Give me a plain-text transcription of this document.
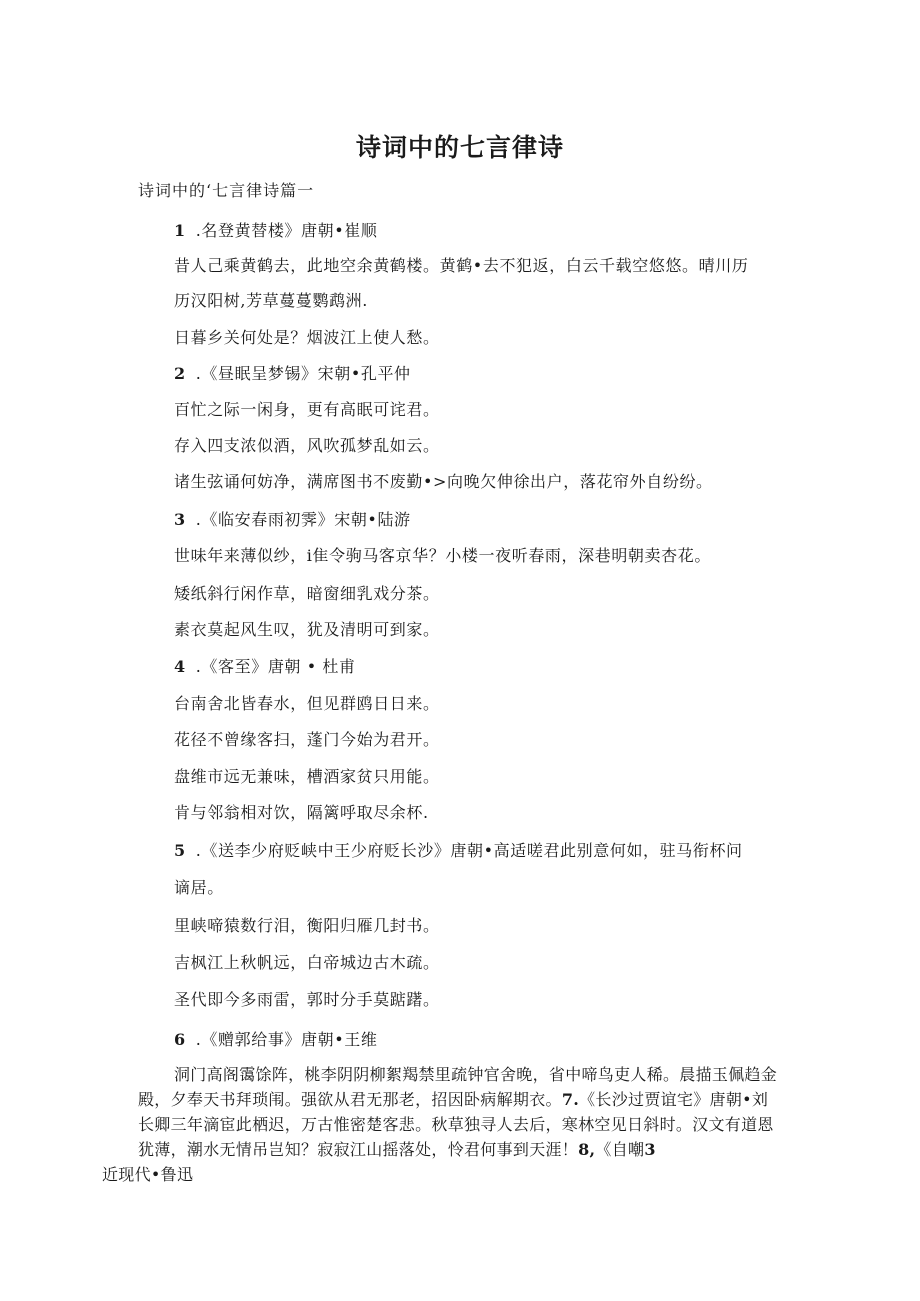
诗词中的七言律诗
诗词中的‘七言律诗篇一
1 .名登黄替楼》唐朝•崔顺
昔人己乘黄鹤去，此地空余黄鹤楼。黄鹤•去不犯返，白云千载空悠悠。晴川历
历汉阳树,芳草蔓蔓鹦鹉洲.
日暮乡关何处是？烟波江上使人愁。
2 .《昼眠呈梦锡》宋朝•孔平仲
百忙之际一闲身，更有高眠可诧君。
存入四支浓似酒，风吹孤梦乱如云。
诸生弦诵何妨净，满席图书不废勤•>向晚欠伸徐出户，落花帘外自纷纷。
3 .《临安春雨初霁》宋朝•陆游
世味年来薄似纱，i隹令驹马客京华？小楼一夜听春雨，深巷明朝卖杏花。
矮纸斜行闲作草，暗窗细乳戏分茶。
素衣莫起风生叹，犹及清明可到家。
4 .《客至》唐朝 • 杜甫
台南舍北皆春水，但见群鸥日日来。
花径不曾缘客扫，蓬门今始为君开。
盘维市远无兼味，槽酒家贫只用能。
肯与邻翁相对饮，隔篱呼取尽余杯.
5 .《送李少府贬峡中王少府贬长沙》唐朝•高适嗟君此别意何如，驻马衔杯问
谪居。
里峡啼猿数行泪，衡阳归雁几封书。
吉枫江上秋帆远，白帝城边古木疏。
圣代即今多雨雷，郭时分手莫踮躇。
6 .《赠郭给事》唐朝•王维
洞门高阁霭馀阵，桃李阴阴柳絮羯禁里疏钟官舍晚，省中啼鸟吏人稀。晨描玉佩趋金殿，夕奉天书拜琐闱。强欲从君无那老，招因卧病解期衣。7.《长沙过贾谊宅》唐朝•刘长卿三年滴宦此栖迟，万古惟密楚客悲。秋草独寻人去后，寒林空见日斜时。汉文有道恩犹薄，潮水无情吊岂知？寂寂江山摇落处，怜君何事到天涯！8,《自嘲3
近现代•鲁迅
